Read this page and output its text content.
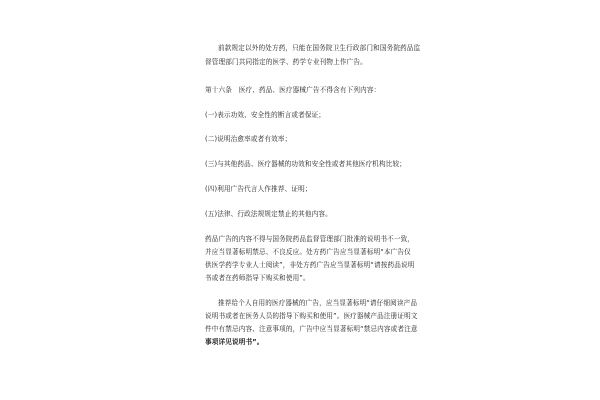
前款规定以外的处方药，只能在国务院卫生行政部门和国务院药品监
督管理部门共同指定的医学、药学专业刊物上作广告。
第十六条　医疗、药品、医疗器械广告不得含有下列内容：
(一)表示功效、安全性的断言或者保证；
(二)说明治愈率或者有效率；
(三)与其他药品、医疗器械的功效和安全性或者其他医疗机构比较；
(四)利用广告代言人作推荐、证明；
(五)法律、行政法规规定禁止的其他内容。
药品广告的内容不得与国务院药品监督管理部门批准的说明书不一致，
并应当显著标明禁忌、不良反应。处方药广告应当显著标明“本广告仅
供医学药学专业人士阅读”，非处方药广告应当显著标明“请按药品说明
书或者在药师指导下购买和使用”。
推荐给个人自用的医疗器械的广告，应当显著标明“请仔细阅读产品
说明书或者在医务人员的指导下购买和使用”。医疗器械产品注册证明文
件中有禁忌内容、注意事项的，广告中应当显著标明“禁忌内容或者注意
事项详见说明书”。
